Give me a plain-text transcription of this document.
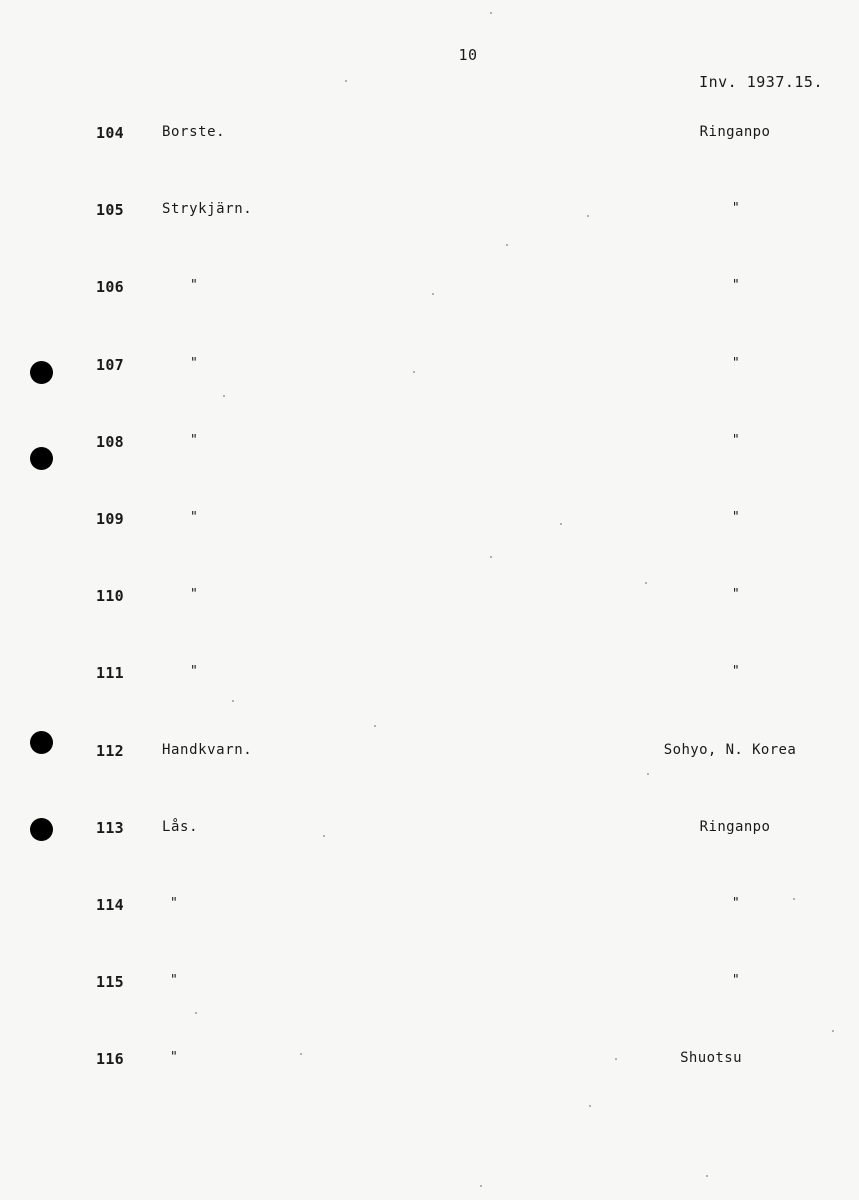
10
Inv. 1937.15.
104	Borste.	Ringanpo
105	Strykjärn.	"
106	"	"
107	"	"
108	"	"
109	"	"
110	"	"
111	"	"
112	Handkvarn.	Sohyo, N. Korea
113	Lås.	Ringanpo
114	"	"
115	"	"
116	"	Shuotsu
